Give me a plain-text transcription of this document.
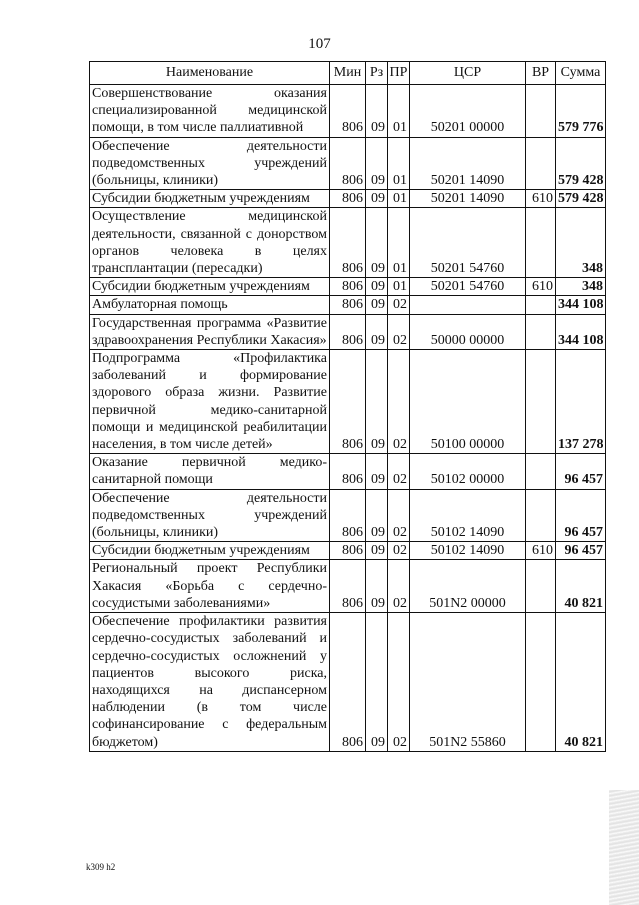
107
Наименование	Мин	Рз	ПР	ЦСР	ВР	Сумма
Совершенствование оказания специализированной медицинской помощи, в том числе паллиативной	806	09	01	50201 00000		579 776
Обеспечение деятельности подведомственных учреждений (больницы, клиники)	806	09	01	50201 14090		579 428
Субсидии бюджетным учреждениям	806	09	01	50201 14090	610	579 428
Осуществление медицинской деятельности, связанной с донорством органов человека в целях трансплантации (пересадки)	806	09	01	50201 54760		348
Субсидии бюджетным учреждениям	806	09	01	50201 54760	610	348
Амбулаторная помощь	806	09	02			344 108
Государственная программа «Развитие здравоохранения Республики Хакасия»	806	09	02	50000 00000		344 108
Подпрограмма «Профилактика заболеваний и формирование здорового образа жизни. Развитие первичной медико-санитарной помощи и медицинской реабилитации населения, в том числе детей»	806	09	02	50100 00000		137 278
Оказание первичной медико-санитарной помощи	806	09	02	50102 00000		96 457
Обеспечение деятельности подведомственных учреждений (больницы, клиники)	806	09	02	50102 14090		96 457
Субсидии бюджетным учреждениям	806	09	02	50102 14090	610	96 457
Региональный проект Республики Хакасия «Борьба с сердечно-сосудистыми заболеваниями»	806	09	02	501N2 00000		40 821
Обеспечение профилактики развития сердечно-сосудистых заболеваний и сердечно-сосудистых осложнений у пациентов высокого риска, находящихся на диспансерном наблюдении (в том числе софинансирование с федеральным бюджетом)	806	09	02	501N2 55860		40 821
k309 h2
